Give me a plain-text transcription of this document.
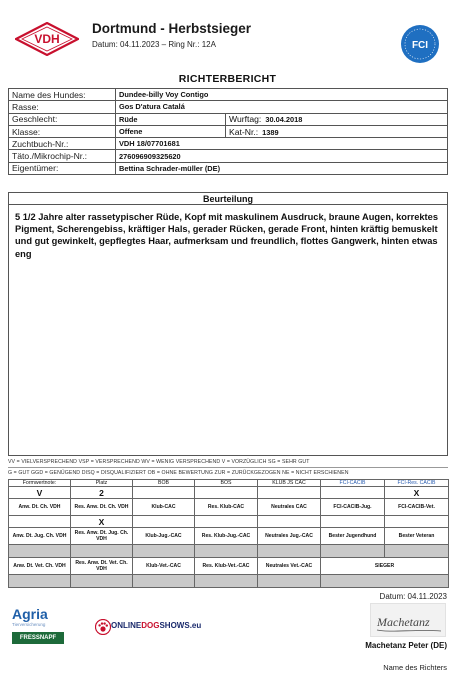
VDH
Dortmund - Herbstsieger
Datum: 04.11.2023 – Ring Nr.: 12A	FCI
RICHTERBERICHT
Name des Hundes:	Dundee-billy Voy Contigo	
Rasse:	Gos D'atura Catalá	
Geschlecht:	Rüde	Wurftag: 30.04.2018
Klasse:	Offene	Kat-Nr.: 1389
Zuchtbuch-Nr.:	VDH 18/07701681	
Täto./Mikrochip-Nr.:	276096909325620	
Eigentümer:	Bettina Schrader-müller (DE)	
Beurteilung
5 1/2 Jahre alter rassetypischer Rüde, Kopf mit maskulinem Ausdruck, braune Augen, korrektes Pigment, Scherengebiss, kräftiger Hals, gerader Rücken, gerade Front, hinten kräftig bemuskelt und gut gewinkelt, gepflegtes Haar, aufmerksam und freundlich, flottes Gangwerk, hinten etwas eng
VV = VIELVERSPRECHEND VSP = VERSPRECHEND WV = WENIG VERSPRECHEND V = VORZÜGLICH SG = SEHR GUT
G = GUT GGD = GENÜGEND DISQ = DISQUALIFIZIERT OB = OHNE BEWERTUNG ZUR = ZURÜCKGEZOGEN NE = NICHT ERSCHIENEN
Formwertnote:	Platz	BOB	BOS	KLUB JS CAC	FCI-CACIB	FCI-Res. CACIB
V	2					X
Anw. Dt. Ch. VDH	Res. Anw. Dt. Ch. VDH	Klub-CAC	Res. Klub-CAC	Neutrales CAC	FCI-CACIB-Jug.	FCI-CACIB-Vet.
	X					
Anw. Dt. Jug. Ch. VDH	Res. Anw. Dt. Jug. Ch. VDH	Klub-Jug.-CAC	Res. Klub-Jug.-CAC	Neutrales Jug.-CAC	Bester Jugendhund	Bester Veteran

Anw. Dt. Vet. Ch. VDH	Res. Anw. Dt. Vet. Ch. VDH	Klub-Vet.-CAC	Res. Klub-Vet.-CAC	Neutrales Vet.-CAC	SIEGER	

Datum: 04.11.2023
Machetanz
Machetanz Peter (DE)
Name des Richters
Agria
Tierversicherung
FRESSNAPF
ONLINEDOGSHOWS.eu
